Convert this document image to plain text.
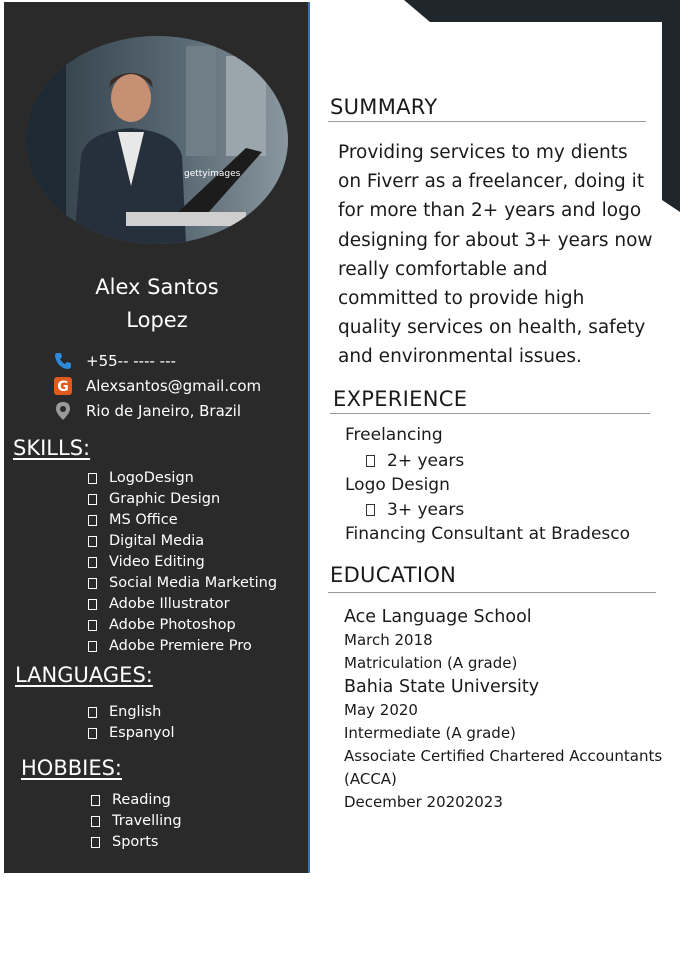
gettyimages
Alex Santos
Lopez
+55-- ---- ---
G Alexsantos@gmail.com
Rio de Janeiro, Brazil
SKILLS:
LogoDesign
Graphic Design
MS Office
Digital Media
Video Editing
Social Media Marketing
Adobe Illustrator
Adobe Photoshop
Adobe Premiere Pro
LANGUAGES:
English
Espanyol
HOBBIES:
Reading
Travelling
Sports
SUMMARY
Providing services to my dients
on Fiverr as a freelancer, doing it
for more than 2+ years and logo
designing for about 3+ years now
really comfortable and
committed to provide high
quality services on health, safety
and environmental issues.
EXPERIENCE
Freelancing
2+ years
Logo Design
3+ years
Financing Consultant at Bradesco
EDUCATION
Ace Language School
March 2018
Matriculation (A grade)
Bahia State University
May 2020
Intermediate (A grade)
Associate Certified Chartered Accountants
(ACCA)
December 20202023
